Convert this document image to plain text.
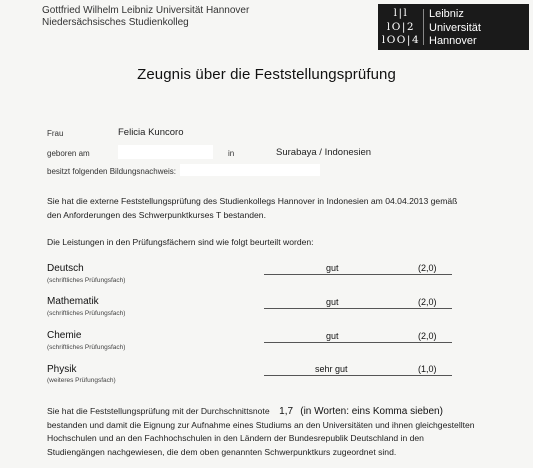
Gottfried Wilhelm Leibniz Universität Hannover
Niedersächsisches Studienkolleg
l|l
lO|2
lOO|4
Leibniz
Universität
Hannover
Zeugnis über die Feststellungsprüfung
Frau	Felicia Kuncoro
geboren am	in	Surabaya / Indonesien
besitzt folgenden Bildungsnachweis:
Sie hat die externe Feststellungsprüfung des Studienkollegs Hannover in Indonesien am 04.04.2013 gemäß
den Anforderungen des Schwerpunktkurses T bestanden.
Die Leistungen in den Prüfungsfächern sind wie folgt beurteilt worden:
Deutsch
(schriftliches Prüfungsfach)
gut	(2,0)
Mathematik
(schriftliches Prüfungsfach)
gut	(2,0)
Chemie
(schriftliches Prüfungsfach)
gut	(2,0)
Physik
(weiteres Prüfungsfach)
sehr gut	(1,0)
Sie hat die Feststellungsprüfung mit der Durchschnittsnote 1,7 (in Worten: eins Komma sieben)
bestanden und damit die Eignung zur Aufnahme eines Studiums an den Universitäten und ihnen gleichgestellten
Hochschulen und an den Fachhochschulen in den Ländern der Bundesrepublik Deutschland in den
Studiengängen nachgewiesen, die dem oben genannten Schwerpunktkurs zugeordnet sind.
